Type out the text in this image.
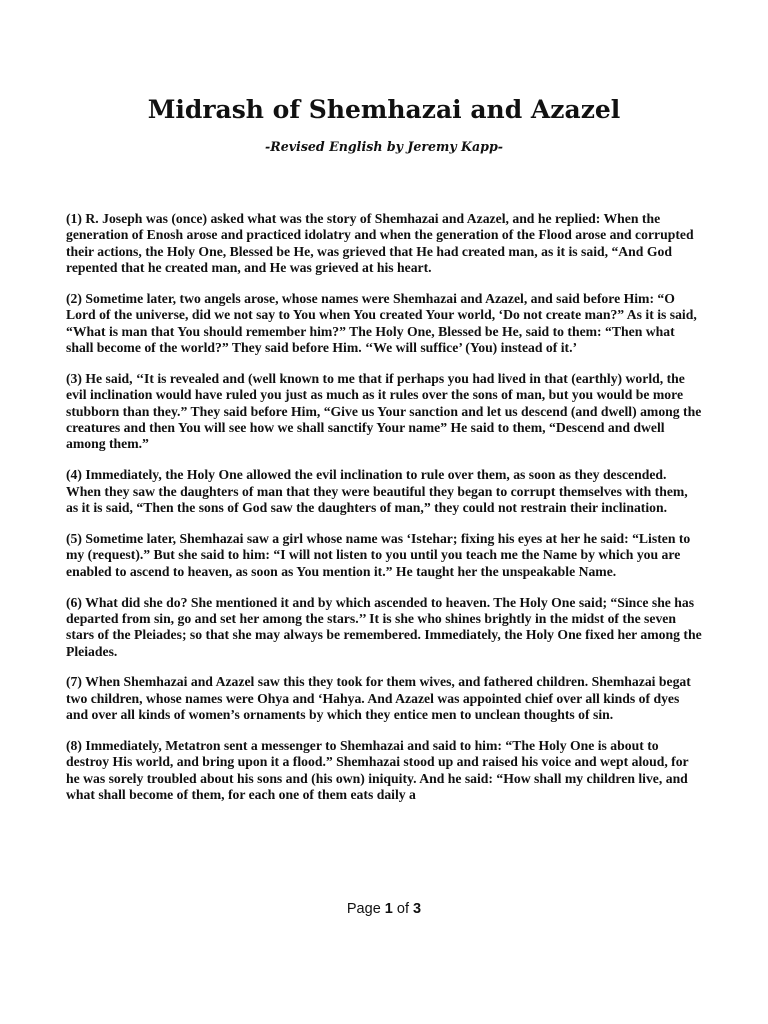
Midrash of Shemhazai and Azazel
-Revised English by Jeremy Kapp-

(1) R. Joseph was (once) asked what was the story of Shemhazai and Azazel, and he replied: When the generation of Enosh arose and practiced idolatry and when the generation of the Flood arose and corrupted their actions, the Holy One, Blessed be He, was grieved that He had created man, as it is said, “And God repented that he created man, and He was grieved at his heart.

(2) Sometime later, two angels arose, whose names were Shemhazai and Azazel, and said before Him: “O Lord of the universe, did we not say to You when You created Your world, ‘Do not create man?” As it is said, “What is man that You should remember him?” The Holy One, Blessed be He, said to them: “Then what shall become of the world?” They said before Him. ‘‘We will suffice’ (You) instead of it.’

(3) He said, ‘‘It is revealed and (well known to me that if perhaps you had lived in that (earthly) world, the evil inclination would have ruled you just as much as it rules over the sons of man, but you would be more stubborn than they.” They said before Him, “Give us Your sanction and let us descend (and dwell) among the creatures and then You will see how we shall sanctify Your name” He said to them, “Descend and dwell among them.”

(4) Immediately, the Holy One allowed the evil inclination to rule over them, as soon as they descended. When they saw the daughters of man that they were beautiful they began to corrupt themselves with them, as it is said, “Then the sons of God saw the daughters of man,” they could not restrain their inclination.

(5) Sometime later, Shemhazai saw a girl whose name was ‘Istehar; fixing his eyes at her he said: “Listen to my (request).” But she said to him: “I will not listen to you until you teach me the Name by which you are enabled to ascend to heaven, as soon as You mention it.” He taught her the unspeakable Name.

(6) What did she do? She mentioned it and by which ascended to heaven. The Holy One said; “Since she has departed from sin, go and set her among the stars.’’ It is she who shines brightly in the midst of the seven stars of the Pleiades; so that she may always be remembered. Immediately, the Holy One fixed her among the Pleiades.

(7) When Shemhazai and Azazel saw this they took for them wives, and fathered children. Shemhazai begat two children, whose names were Ohya and ‘Hahya. And Azazel was appointed chief over all kinds of dyes and over all kinds of women’s ornaments by which they entice men to unclean thoughts of sin.

(8) Immediately, Metatron sent a messenger to Shemhazai and said to him: “The Holy One is about to destroy His world, and bring upon it a flood.” Shemhazai stood up and raised his voice and wept aloud, for he was sorely troubled about his sons and (his own) iniquity. And he said: “How shall my children live, and what shall become of them, for each one of them eats daily a

Page 1 of 3
